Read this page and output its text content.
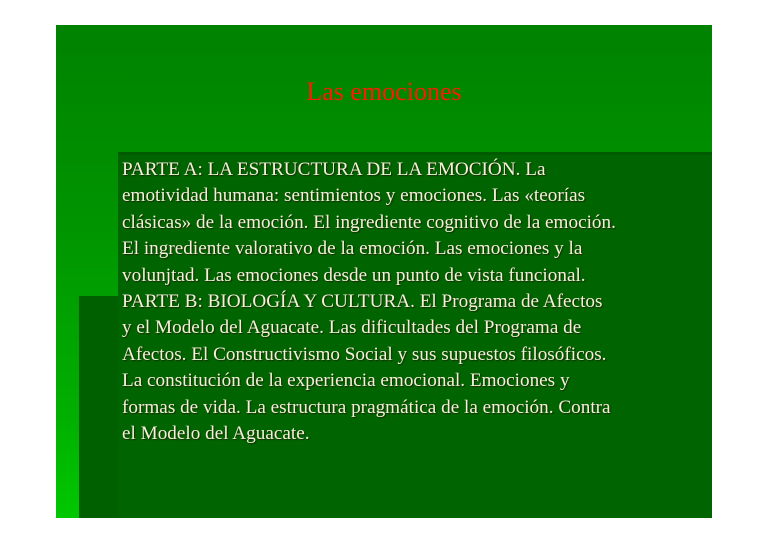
Las emociones
PARTE A: LA ESTRUCTURA DE LA EMOCIÓN. La
emotividad humana: sentimientos y emociones. Las «teorías
clásicas» de la emoción. El ingrediente cognitivo de la emoción.
El ingrediente valorativo de la emoción. Las emociones y la
volunjtad. Las emociones desde un punto de vista funcional.
PARTE B: BIOLOGÍA Y CULTURA. El Programa de Afectos
y el Modelo del Aguacate. Las dificultades del Programa de
Afectos. El Constructivismo Social y sus supuestos filosóficos.
La constitución de la experiencia emocional. Emociones y
formas de vida. La estructura pragmática de la emoción. Contra
el Modelo del Aguacate.
